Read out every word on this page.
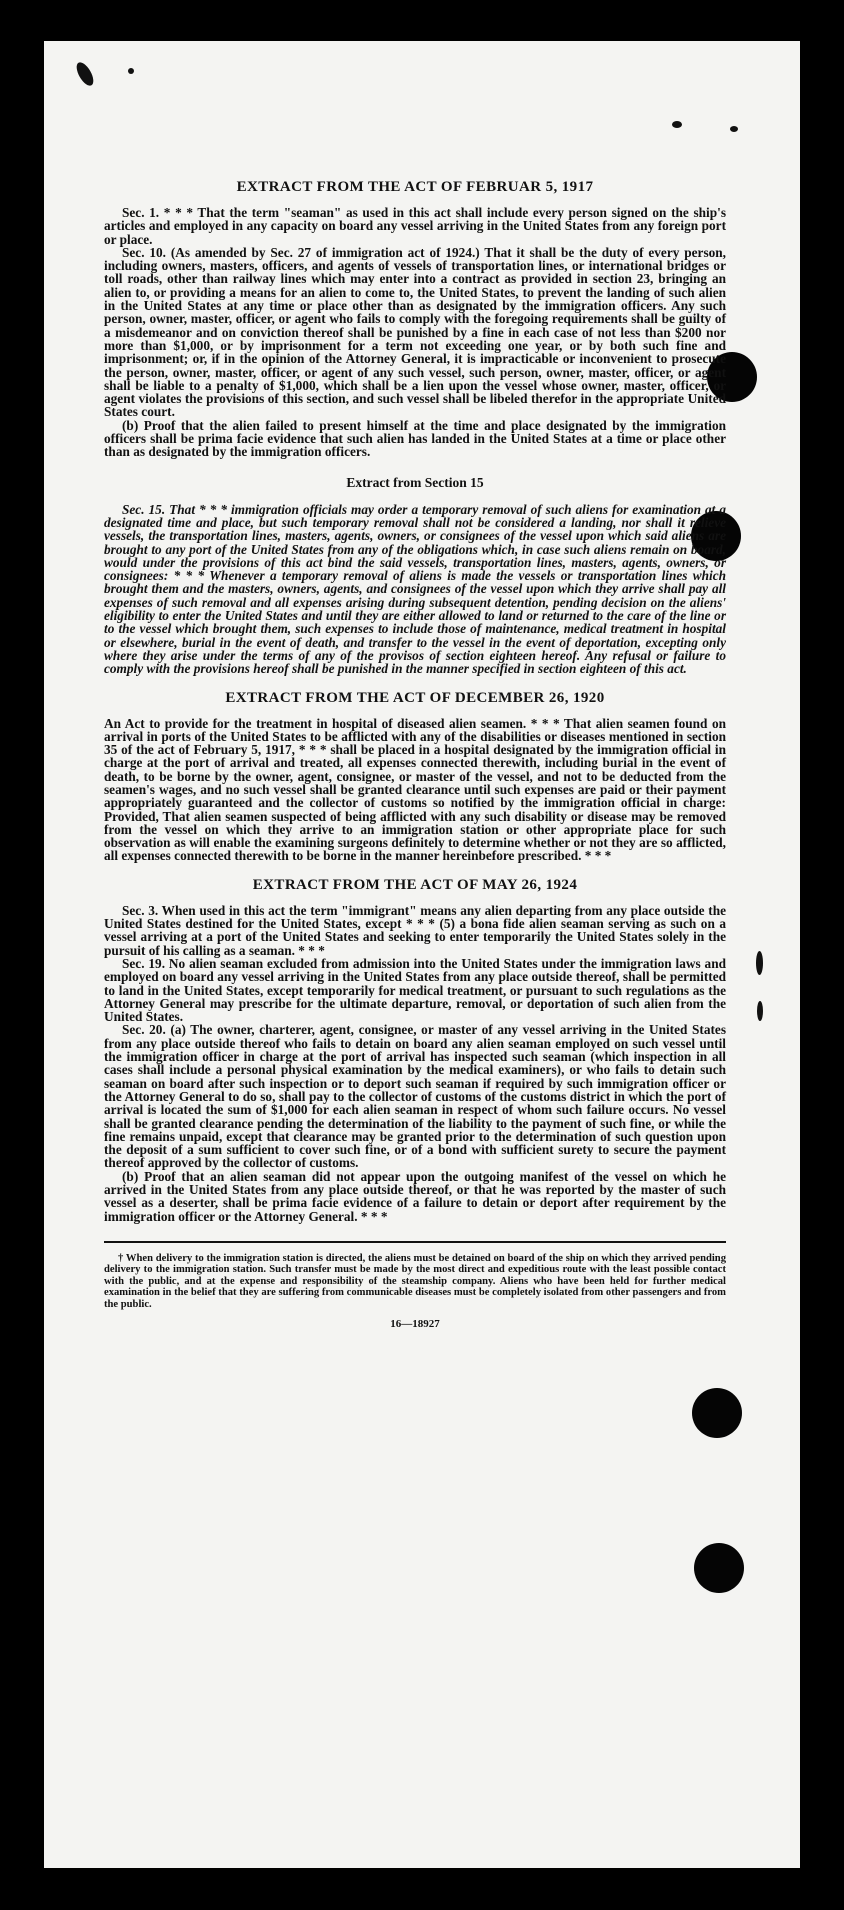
EXTRACT FROM THE ACT OF FEBRUAR 5, 1917

Sec. 1. * * * That the term "seaman" as used in this act shall include every person signed on the ship's articles and employed in any capacity on board any vessel arriving in the United States from any foreign port or place.

Sec. 10. (As amended by Sec. 27 of immigration act of 1924.) That it shall be the duty of every person, including owners, masters, officers, and agents of vessels of transportation lines, or international bridges or toll roads, other than railway lines which may enter into a contract as provided in section 23, bringing an alien to, or providing a means for an alien to come to, the United States, to prevent the landing of such alien in the United States at any time or place other than as designated by the immigration officers. Any such person, owner, master, officer, or agent who fails to comply with the foregoing requirements shall be guilty of a misdemeanor and on conviction thereof shall be punished by a fine in each case of not less than $200 nor more than $1,000, or by imprisonment for a term not exceeding one year, or by both such fine and imprisonment; or, if in the opinion of the Attorney General, it is impracticable or inconvenient to prosecute the person, owner, master, officer, or agent of any such vessel, such person, owner, master, officer, or agent shall be liable to a penalty of $1,000, which shall be a lien upon the vessel whose owner, master, officer, or agent violates the provisions of this section, and such vessel shall be libeled therefor in the appropriate United States court.

(b) Proof that the alien failed to present himself at the time and place designated by the immigration officers shall be prima facie evidence that such alien has landed in the United States at a time or place other than as designated by the immigration officers.

Extract from Section 15

Sec. 15. That * * * immigration officials may order a temporary removal of such aliens for examination at a designated time and place, but such temporary removal shall not be considered a landing, nor shall it relieve vessels, the transportation lines, masters, agents, owners, or consignees of the vessel upon which said aliens are brought to any port of the United States from any of the obligations which, in case such aliens remain on board, would under the provisions of this act bind the said vessels, transportation lines, masters, agents, owners, or consignees: * * * Whenever a temporary removal of aliens is made the vessels or transportation lines which brought them and the masters, owners, agents, and consignees of the vessel upon which they arrive shall pay all expenses of such removal and all expenses arising during subsequent detention, pending decision on the aliens' eligibility to enter the United States and until they are either allowed to land or returned to the care of the line or to the vessel which brought them, such expenses to include those of maintenance, medical treatment in hospital or elsewhere, burial in the event of death, and transfer to the vessel in the event of deportation, excepting only where they arise under the terms of any of the provisos of section eighteen hereof. Any refusal or failure to comply with the provisions hereof shall be punished in the manner specified in section eighteen of this act.

EXTRACT FROM THE ACT OF DECEMBER 26, 1920

An Act to provide for the treatment in hospital of diseased alien seamen. * * * That alien seamen found on arrival in ports of the United States to be afflicted with any of the disabilities or diseases mentioned in section 35 of the act of February 5, 1917, * * * shall be placed in a hospital designated by the immigration official in charge at the port of arrival and treated, all expenses connected therewith, including burial in the event of death, to be borne by the owner, agent, consignee, or master of the vessel, and not to be deducted from the seamen's wages, and no such vessel shall be granted clearance until such expenses are paid or their payment appropriately guaranteed and the collector of customs so notified by the immigration official in charge: Provided, That alien seamen suspected of being afflicted with any such disability or disease may be removed from the vessel on which they arrive to an immigration station or other appropriate place for such observation as will enable the examining surgeons definitely to determine whether or not they are so afflicted, all expenses connected therewith to be borne in the manner hereinbefore prescribed. * * *

EXTRACT FROM THE ACT OF MAY 26, 1924

Sec. 3. When used in this act the term "immigrant" means any alien departing from any place outside the United States destined for the United States, except * * * (5) a bona fide alien seaman serving as such on a vessel arriving at a port of the United States and seeking to enter temporarily the United States solely in the pursuit of his calling as a seaman. * * *

Sec. 19. No alien seaman excluded from admission into the United States under the immigration laws and employed on board any vessel arriving in the United States from any place outside thereof, shall be permitted to land in the United States, except temporarily for medical treatment, or pursuant to such regulations as the Attorney General may prescribe for the ultimate departure, removal, or deportation of such alien from the United States.

Sec. 20. (a) The owner, charterer, agent, consignee, or master of any vessel arriving in the United States from any place outside thereof who fails to detain on board any alien seaman employed on such vessel until the immigration officer in charge at the port of arrival has inspected such seaman (which inspection in all cases shall include a personal physical examination by the medical examiners), or who fails to detain such seaman on board after such inspection or to deport such seaman if required by such immigration officer or the Attorney General to do so, shall pay to the collector of customs of the customs district in which the port of arrival is located the sum of $1,000 for each alien seaman in respect of whom such failure occurs. No vessel shall be granted clearance pending the determination of the liability to the payment of such fine, or while the fine remains unpaid, except that clearance may be granted prior to the determination of such question upon the deposit of a sum sufficient to cover such fine, or of a bond with sufficient surety to secure the payment thereof approved by the collector of customs.

(b) Proof that an alien seaman did not appear upon the outgoing manifest of the vessel on which he arrived in the United States from any place outside thereof, or that he was reported by the master of such vessel as a deserter, shall be prima facie evidence of a failure to detain or deport after requirement by the immigration officer or the Attorney General. * * *

† When delivery to the immigration station is directed, the aliens must be detained on board of the ship on which they arrived pending delivery to the immigration station. Such transfer must be made by the most direct and expeditious route with the least possible contact with the public, and at the expense and responsibility of the steamship company. Aliens who have been held for further medical examination in the belief that they are suffering from communicable diseases must be completely isolated from other passengers and from the public.

16—18927
